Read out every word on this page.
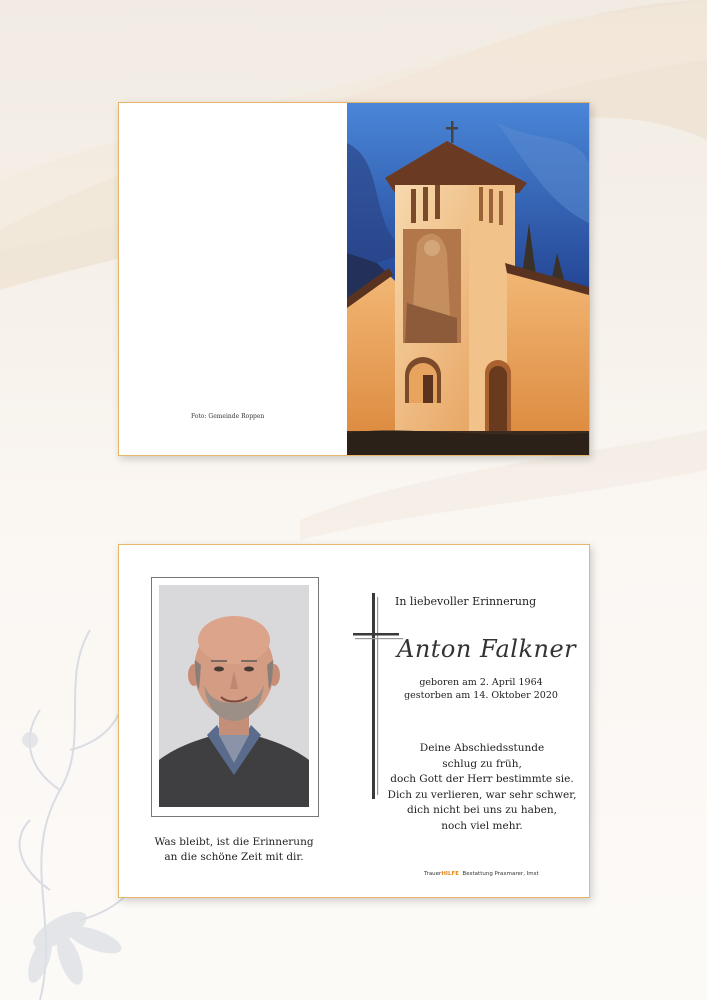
Foto: Gemeinde Roppen
In liebevoller Erinnerung
Anton Falkner
geboren am 2. April 1964
gestorben am 14. Oktober 2020
Deine Abschiedsstunde
schlug zu früh,
doch Gott der Herr bestimmte sie.
Dich zu verlieren, war sehr schwer,
dich nicht bei uns zu haben,
noch viel mehr.
Was bleibt, ist die Erinnerung
an die schöne Zeit mit dir.
TrauerHILFE Bestattung Praxmarer, Imst
